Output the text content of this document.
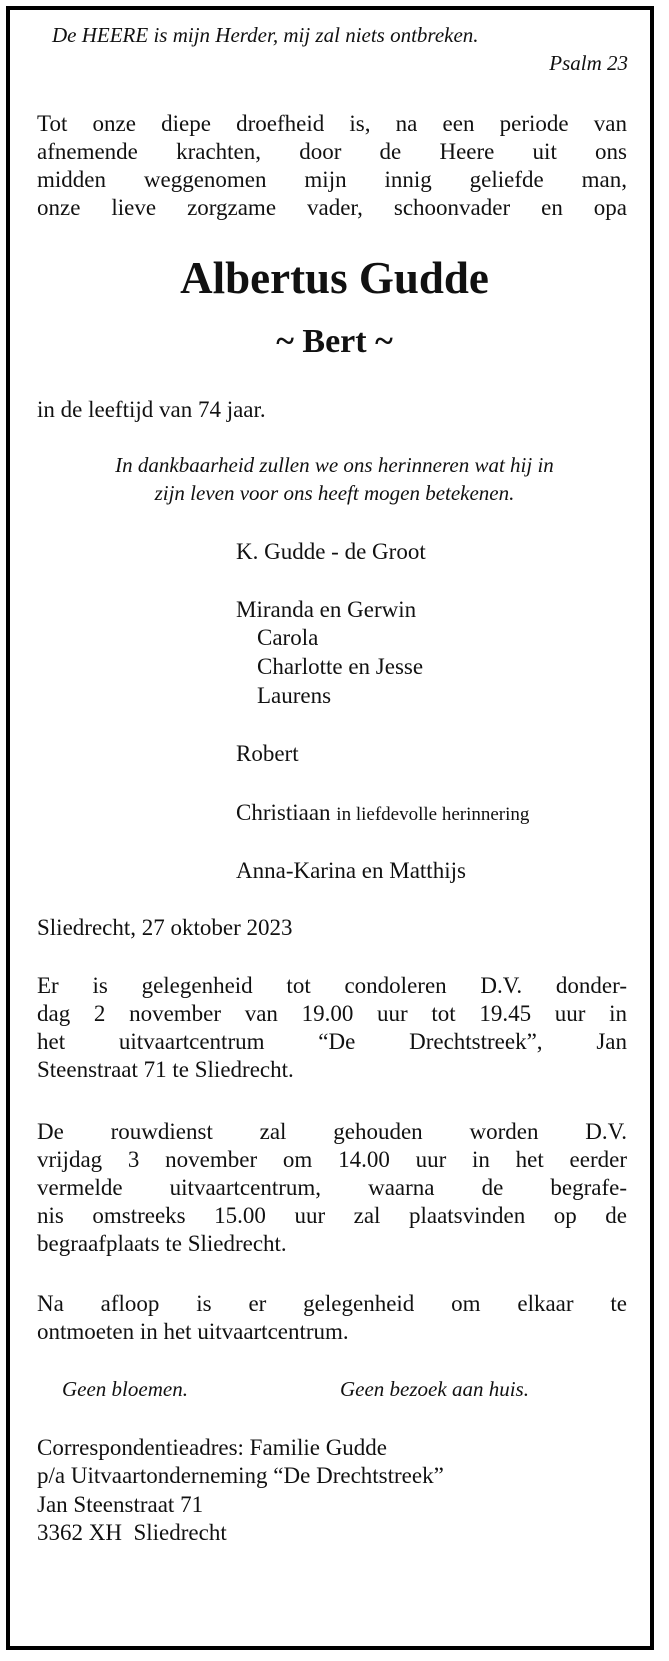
De HEERE is mijn Herder, mij zal niets ontbreken.
Psalm 23
Tot onze diepe droefheid is, na een periode van
afnemende krachten, door de Heere uit ons
midden weggenomen mijn innig geliefde man,
onze lieve zorgzame vader, schoonvader en opa
Albertus Gudde
~ Bert ~
in de leeftijd van 74 jaar.
In dankbaarheid zullen we ons herinneren wat hij in
zijn leven voor ons heeft mogen betekenen.
K. Gudde - de Groot
Miranda en Gerwin
Carola
Charlotte en Jesse
Laurens
Robert
Christiaan in liefdevolle herinnering
Anna-Karina en Matthijs
Sliedrecht, 27 oktober 2023
Er is gelegenheid tot condoleren D.V. donder-
dag 2 november van 19.00 uur tot 19.45 uur in
het uitvaartcentrum “De Drechtstreek”, Jan
Steenstraat 71 te Sliedrecht.
De rouwdienst zal gehouden worden D.V.
vrijdag 3 november om 14.00 uur in het eerder
vermelde uitvaartcentrum, waarna de begrafe-
nis omstreeks 15.00 uur zal plaatsvinden op de
begraafplaats te Sliedrecht.
Na afloop is er gelegenheid om elkaar te
ontmoeten in het uitvaartcentrum.
Geen bloemen.	Geen bezoek aan huis.
Correspondentieadres: Familie Gudde
p/a Uitvaartonderneming “De Drechtstreek”
Jan Steenstraat 71
3362 XH  Sliedrecht
